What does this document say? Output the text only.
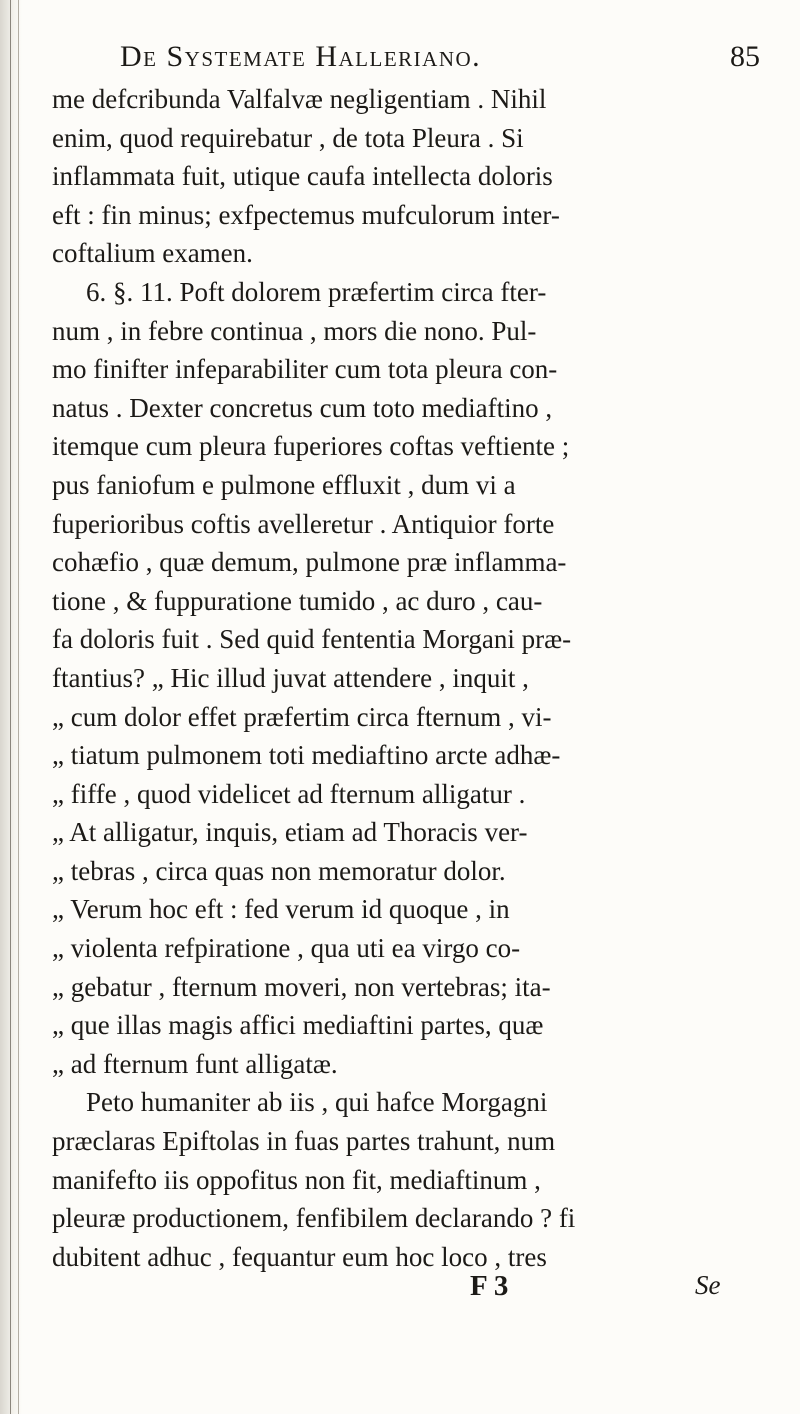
De Systemate Halleriano.	85
me defcribunda Valfalvæ negligentiam . Nihil
enim, quod requirebatur , de tota Pleura . Si
inflammata fuit, utique caufa intellecta doloris
eft : fin minus; exfpectemus mufculorum inter-
coftalium examen.
6. §. 11. Poft dolorem præfertim circa fter-
num , in febre continua , mors die nono. Pul-
mo finifter infeparabiliter cum tota pleura con-
natus . Dexter concretus cum toto mediaftino ,
itemque cum pleura fuperiores coftas veftiente ;
pus faniofum e pulmone effluxit , dum vi a
fuperioribus coftis avelleretur . Antiquior forte
cohæfio , quæ demum, pulmone præ inflamma-
tione , & fuppuratione tumido , ac duro , cau-
fa doloris fuit . Sed quid fententia Morgani præ-
ftantius? „ Hic illud juvat attendere , inquit ,
„ cum dolor effet præfertim circa fternum , vi-
„ tiatum pulmonem toti mediaftino arcte adhæ-
„ fiffe , quod videlicet ad fternum alligatur .
„ At alligatur, inquis, etiam ad Thoracis ver-
„ tebras , circa quas non memoratur dolor.
„ Verum hoc eft : fed verum id quoque , in
„ violenta refpiratione , qua uti ea virgo co-
„ gebatur , fternum moveri, non vertebras; ita-
„ que illas magis affici mediaftini partes, quæ
„ ad fternum funt alligatæ.
Peto humaniter ab iis , qui hafce Morgagni
præclaras Epiftolas in fuas partes trahunt, num
manifefto iis oppofitus non fit, mediaftinum ,
pleuræ productionem, fenfibilem declarando ? fi
dubitent adhuc , fequantur eum hoc loco , tres
F 3	Se
